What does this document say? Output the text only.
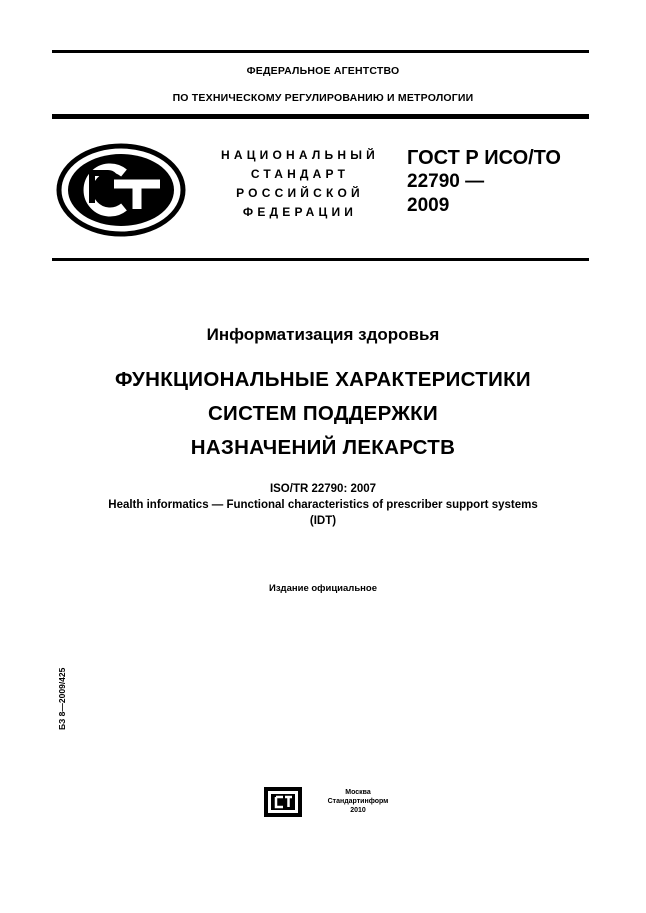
ФЕДЕРАЛЬНОЕ АГЕНТСТВО
ПО ТЕХНИЧЕСКОМУ РЕГУЛИРОВАНИЮ И МЕТРОЛОГИИ
НАЦИОНАЛЬНЫЙ
СТАНДАРТ
РОССИЙСКОЙ
ФЕДЕРАЦИИ
ГОСТ Р ИСО/ТО
22790 —
2009
Информатизация здоровья
ФУНКЦИОНАЛЬНЫЕ ХАРАКТЕРИСТИКИ
СИСТЕМ ПОДДЕРЖКИ
НАЗНАЧЕНИЙ ЛЕКАРСТВ
ISO/TR 22790: 2007
Health informatics — Functional characteristics of prescriber support systems
(IDT)
Издание официальное
БЗ 8—2009/425
Москва
Стандартинформ
2010
